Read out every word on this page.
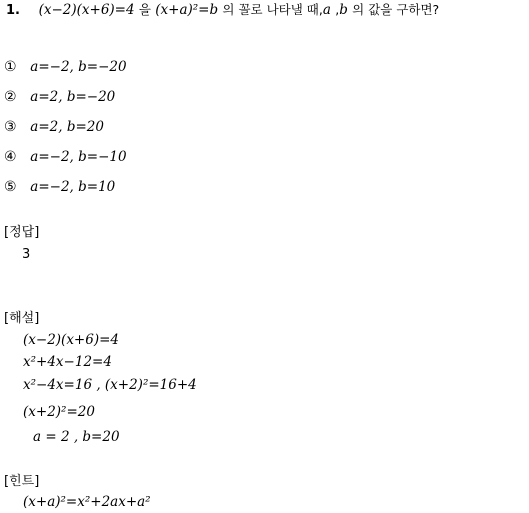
1. (x−2)(x+6)=4 을 (x+a)²=b 의 꼴로 나타낼 때,a ,b 의 값을 구하면?
① a=−2, b=−20
② a=2, b=−20
③ a=2, b=20
④ a=−2, b=−10
⑤ a=−2, b=10
[정답]
3
[해설]
(x−2)(x+6)=4
x²+4x−12=4
x²−4x=16 , (x+2)²=16+4
(x+2)²=20
a = 2 , b=20
[힌트]
(x+a)²=x²+2ax+a²
